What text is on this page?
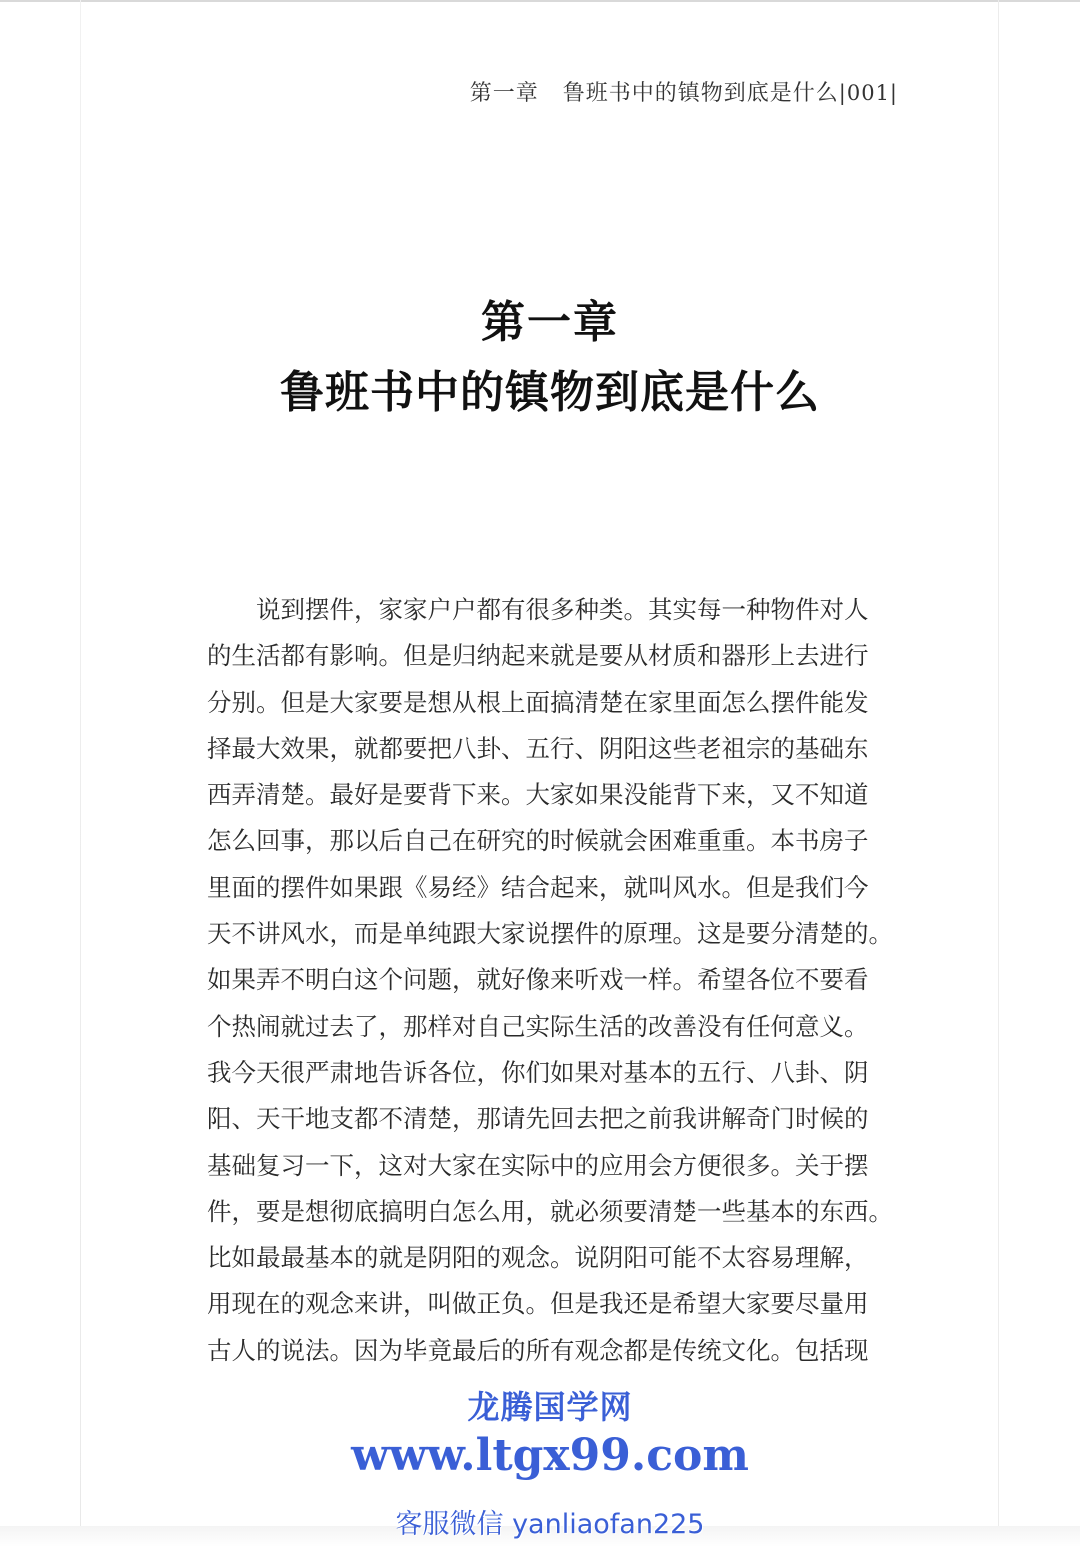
第一章 鲁班书中的镇物到底是什么|001|
第一章
鲁班书中的镇物到底是什么
　　说到摆件，家家户户都有很多种类。其实每一种物件对人
的生活都有影响。但是归纳起来就是要从材质和器形上去进行
分别。但是大家要是想从根上面搞清楚在家里面怎么摆件能发
择最大效果，就都要把八卦、五行、阴阳这些老祖宗的基础东
西弄清楚。最好是要背下来。大家如果没能背下来，又不知道
怎么回事，那以后自己在研究的时候就会困难重重。本书房子
里面的摆件如果跟《易经》结合起来，就叫风水。但是我们今
天不讲风水，而是单纯跟大家说摆件的原理。这是要分清楚的。
如果弄不明白这个问题，就好像来听戏一样。希望各位不要看
个热闹就过去了，那样对自己实际生活的改善没有任何意义。
我今天很严肃地告诉各位，你们如果对基本的五行、八卦、阴
阳、天干地支都不清楚，那请先回去把之前我讲解奇门时候的
基础复习一下，这对大家在实际中的应用会方便很多。关于摆
件，要是想彻底搞明白怎么用，就必须要清楚一些基本的东西。
比如最最基本的就是阴阳的观念。说阴阳可能不太容易理解，
用现在的观念来讲，叫做正负。但是我还是希望大家要尽量用
古人的说法。因为毕竟最后的所有观念都是传统文化。包括现
龙腾国学网
www.ltgx99.com
客服微信 yanliaofan225
